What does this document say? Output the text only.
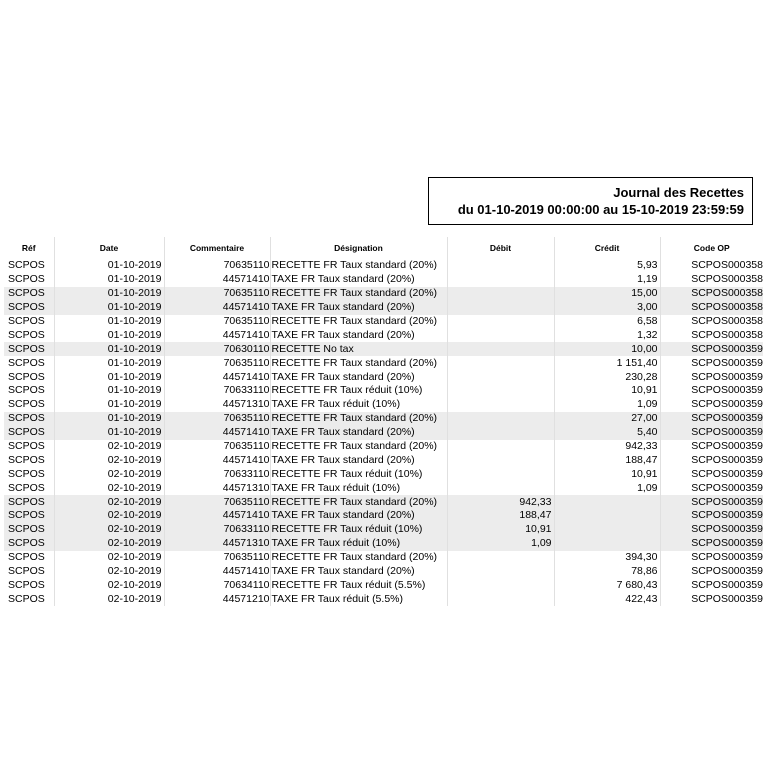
Journal des Recettes
du 01-10-2019 00:00:00 au 15-10-2019 23:59:59
Réf	Date	Commentaire	Désignation	Débit	Crédit	Code OP
SCPOS	01-10-2019	70635110	RECETTE FR Taux standard (20%)		5,93	SCPOS000358
SCPOS	01-10-2019	44571410	TAXE FR Taux standard (20%)		1,19	SCPOS000358
SCPOS	01-10-2019	70635110	RECETTE FR Taux standard (20%)		15,00	SCPOS000358
SCPOS	01-10-2019	44571410	TAXE FR Taux standard (20%)		3,00	SCPOS000358
SCPOS	01-10-2019	70635110	RECETTE FR Taux standard (20%)		6,58	SCPOS000358
SCPOS	01-10-2019	44571410	TAXE FR Taux standard (20%)		1,32	SCPOS000358
SCPOS	01-10-2019	70630110	RECETTE No tax		10,00	SCPOS000359
SCPOS	01-10-2019	70635110	RECETTE FR Taux standard (20%)		1 151,40	SCPOS000359
SCPOS	01-10-2019	44571410	TAXE FR Taux standard (20%)		230,28	SCPOS000359
SCPOS	01-10-2019	70633110	RECETTE FR Taux réduit (10%)		10,91	SCPOS000359
SCPOS	01-10-2019	44571310	TAXE FR Taux réduit (10%)		1,09	SCPOS000359
SCPOS	01-10-2019	70635110	RECETTE FR Taux standard (20%)		27,00	SCPOS000359
SCPOS	01-10-2019	44571410	TAXE FR Taux standard (20%)		5,40	SCPOS000359
SCPOS	02-10-2019	70635110	RECETTE FR Taux standard (20%)		942,33	SCPOS000359
SCPOS	02-10-2019	44571410	TAXE FR Taux standard (20%)		188,47	SCPOS000359
SCPOS	02-10-2019	70633110	RECETTE FR Taux réduit (10%)		10,91	SCPOS000359
SCPOS	02-10-2019	44571310	TAXE FR Taux réduit (10%)		1,09	SCPOS000359
SCPOS	02-10-2019	70635110	RECETTE FR Taux standard (20%)	942,33		SCPOS000359
SCPOS	02-10-2019	44571410	TAXE FR Taux standard (20%)	188,47		SCPOS000359
SCPOS	02-10-2019	70633110	RECETTE FR Taux réduit (10%)	10,91		SCPOS000359
SCPOS	02-10-2019	44571310	TAXE FR Taux réduit (10%)	1,09		SCPOS000359
SCPOS	02-10-2019	70635110	RECETTE FR Taux standard (20%)		394,30	SCPOS000359
SCPOS	02-10-2019	44571410	TAXE FR Taux standard (20%)		78,86	SCPOS000359
SCPOS	02-10-2019	70634110	RECETTE FR Taux réduit (5.5%)		7 680,43	SCPOS000359
SCPOS	02-10-2019	44571210	TAXE FR Taux réduit (5.5%)		422,43	SCPOS000359
